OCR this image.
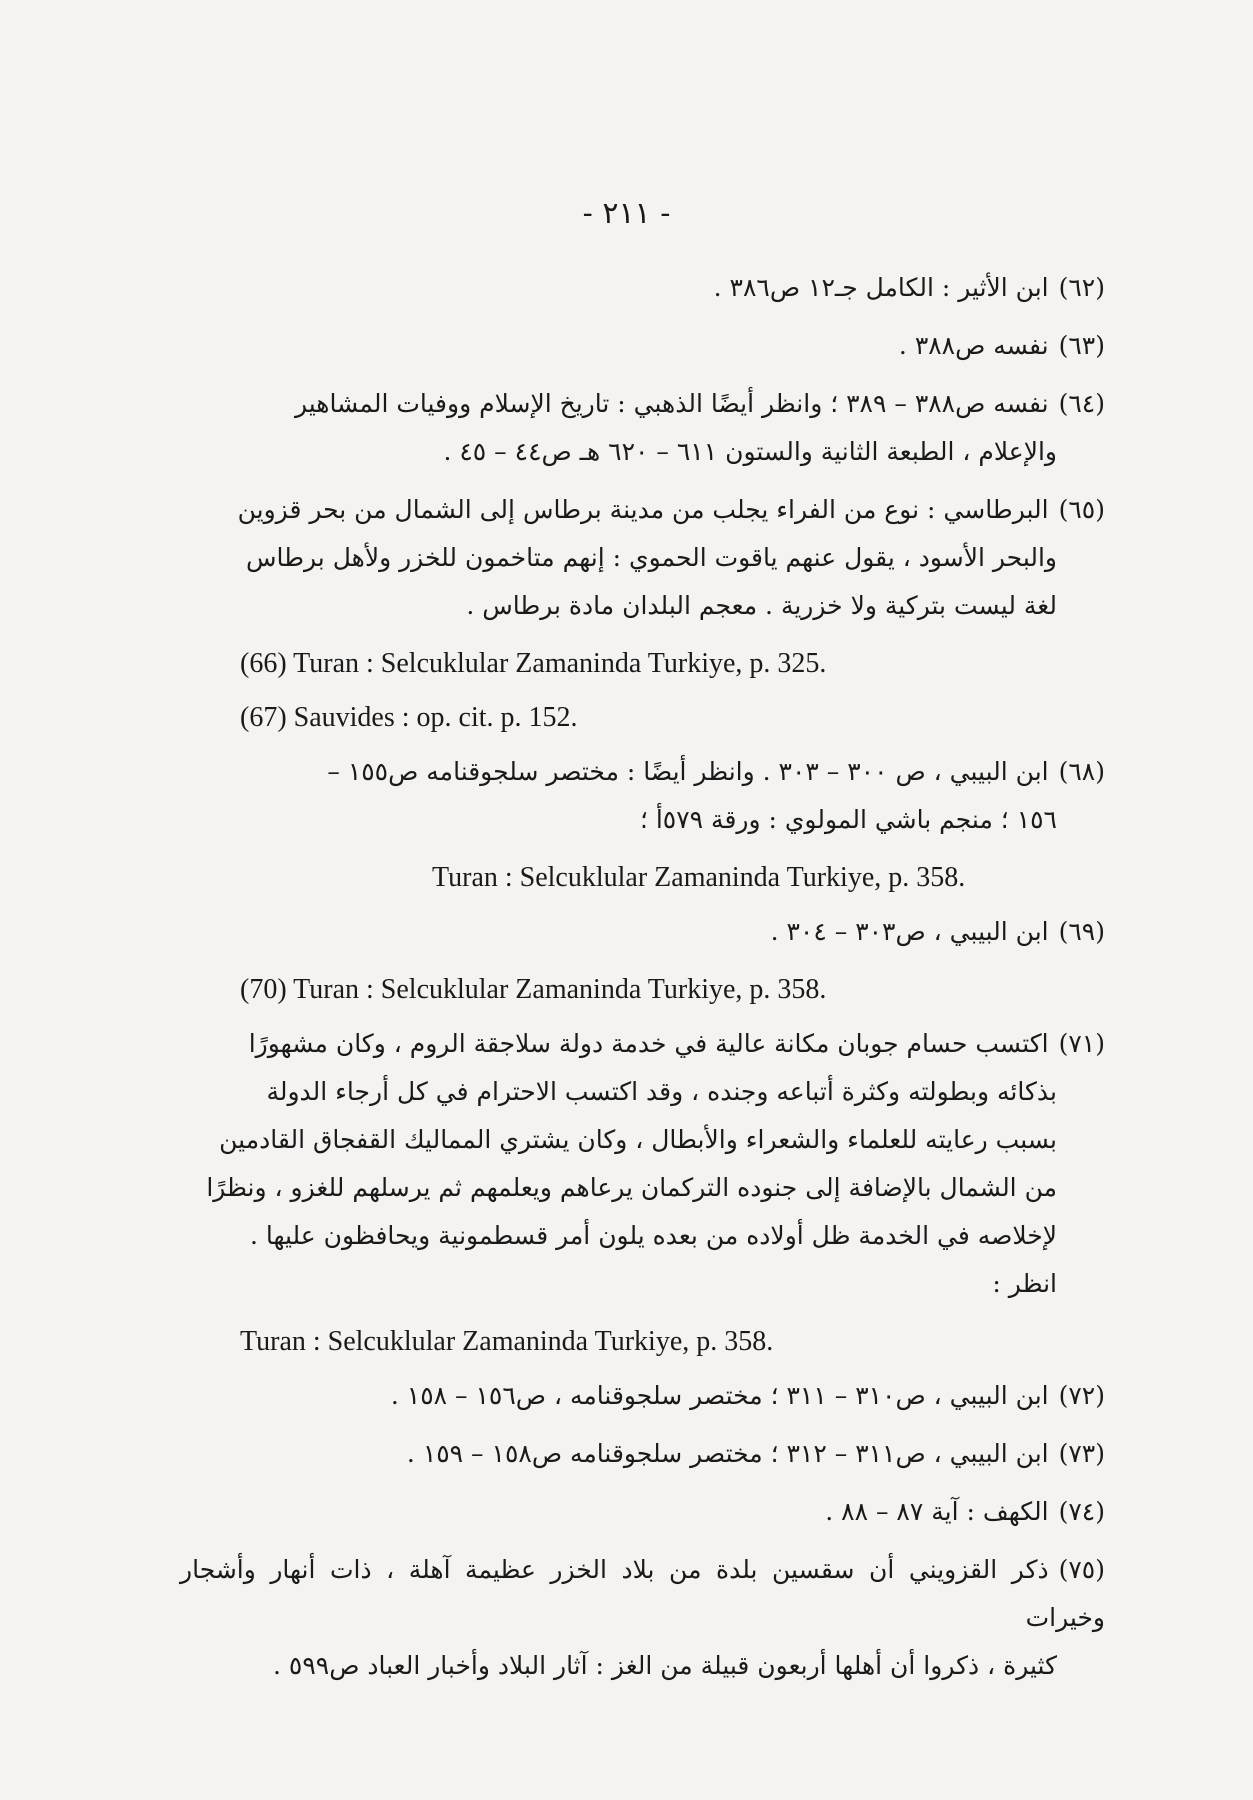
- ٢١١ -
(٦٢)ابن الأثير : الكامل جـ١٢ ص٣٨٦ .
(٦٣)نفسه ص٣٨٨ .
(٦٤)نفسه ص٣٨٨ – ٣٨٩ ؛ وانظر أيضًا الذهبي : تاريخ الإسلام ووفيات المشاهير
والإعلام ، الطبعة الثانية والستون ٦١١ – ٦٢٠ هـ ص٤٤ – ٤٥ .
(٦٥)البرطاسي : نوع من الفراء يجلب من مدينة برطاس إلى الشمال من بحر قزوين
والبحر الأسود ، يقول عنهم ياقوت الحموي : إنهم متاخمون للخزر ولأهل برطاس
لغة ليست بتركية ولا خزرية . معجم البلدان مادة برطاس .
(66) Turan : Selcuklular Zamaninda Turkiye, p. 325.
(67) Sauvides : op. cit. p. 152.
(٦٨)ابن البيبي ، ص ٣٠٠ – ٣٠٣ . وانظر أيضًا : مختصر سلجوقنامه ص١٥٥ –
١٥٦ ؛ منجم باشي المولوي : ورقة ٥٧٩أ ؛
Turan : Selcuklular Zamaninda Turkiye, p. 358.
(٦٩)ابن البيبي ، ص٣٠٣ – ٣٠٤ .
(70) Turan : Selcuklular Zamaninda Turkiye, p. 358.
(٧١)اكتسب حسام جوبان مكانة عالية في خدمة دولة سلاجقة الروم ، وكان مشهورًا
بذكائه وبطولته وكثرة أتباعه وجنده ، وقد اكتسب الاحترام في كل أرجاء الدولة
بسبب رعايته للعلماء والشعراء والأبطال ، وكان يشتري المماليك القفجاق القادمين
من الشمال بالإضافة إلى جنوده التركمان يرعاهم ويعلمهم ثم يرسلهم للغزو ، ونظرًا
لإخلاصه في الخدمة ظل أولاده من بعده يلون أمر قسطمونية ويحافظون عليها .
انظر :
Turan : Selcuklular Zamaninda Turkiye, p. 358.
(٧٢)ابن البيبي ، ص٣١٠ – ٣١١ ؛ مختصر سلجوقنامه ، ص١٥٦ – ١٥٨ .
(٧٣)ابن البيبي ، ص٣١١ – ٣١٢ ؛ مختصر سلجوقنامه ص١٥٨ – ١٥٩ .
(٧٤)الكهف : آية ٨٧ – ٨٨ .
(٧٥)ذكر القزويني أن سقسين بلدة من بلاد الخزر عظيمة آهلة ، ذات أنهار وأشجار وخيرات
كثيرة ، ذكروا أن أهلها أربعون قبيلة من الغز : آثار البلاد وأخبار العباد ص٥٩٩ .
